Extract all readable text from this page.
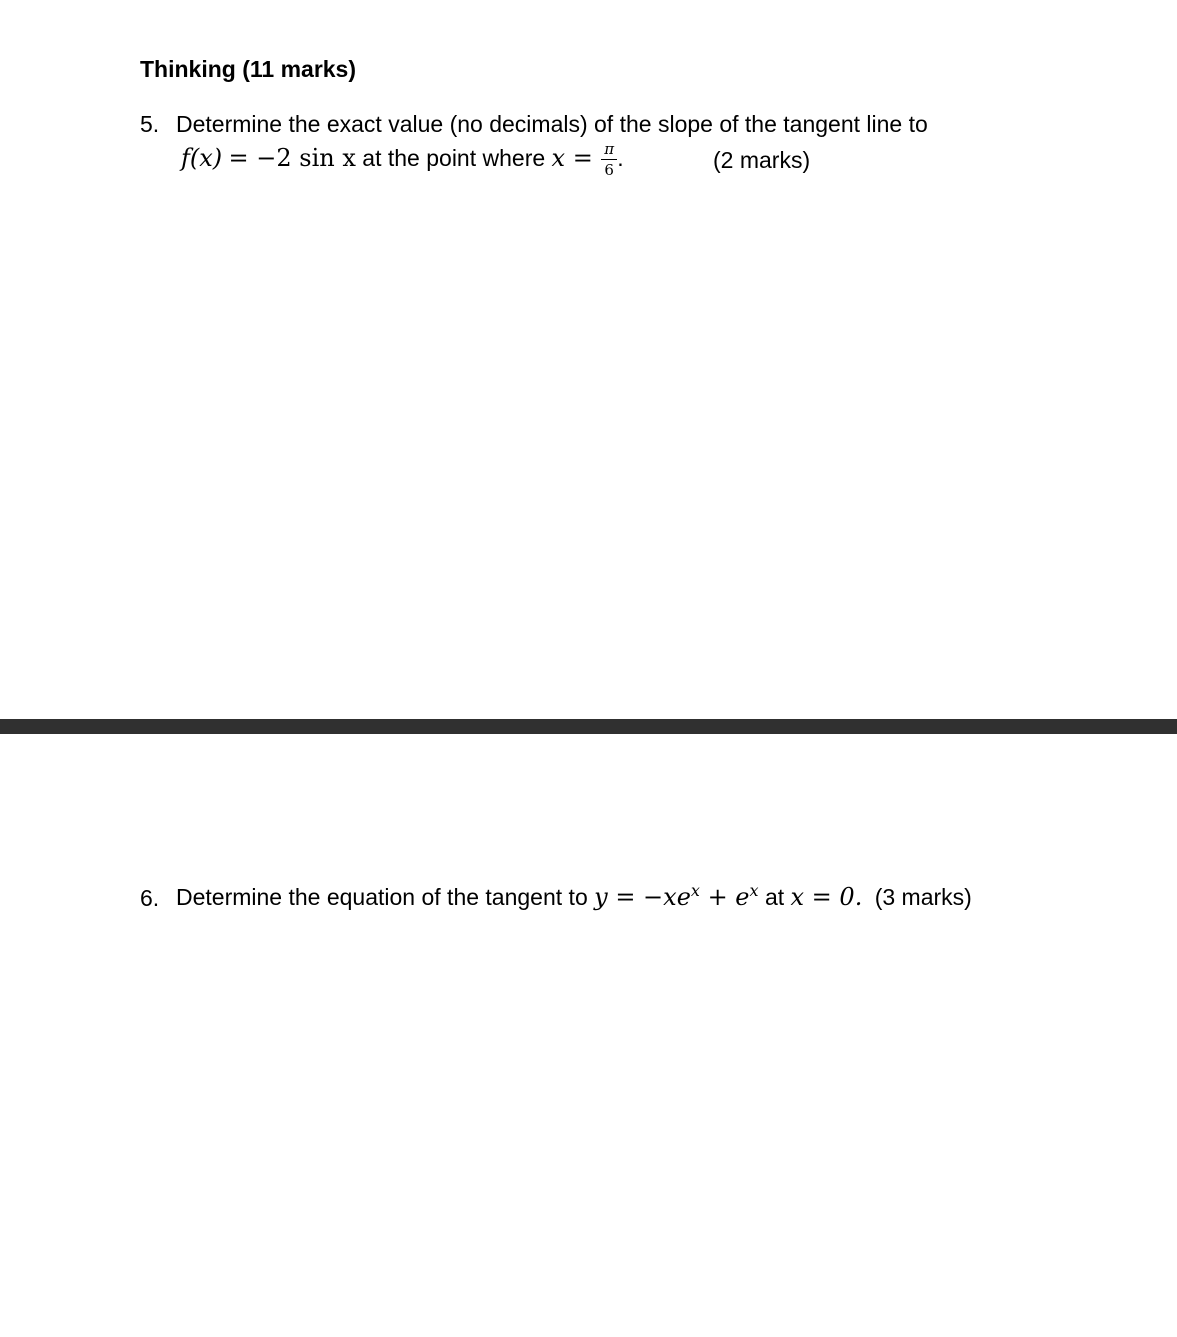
Thinking (11 marks)
5. Determine the exact value (no decimals) of the slope of the tangent line to
f(x) = −2 sin x at the point where $x = \frac{\pi}{6}$ .	(2 marks)
6. Determine the equation of the tangent to $y = -xe^x + e^x$ at x = 0. (3 marks)
